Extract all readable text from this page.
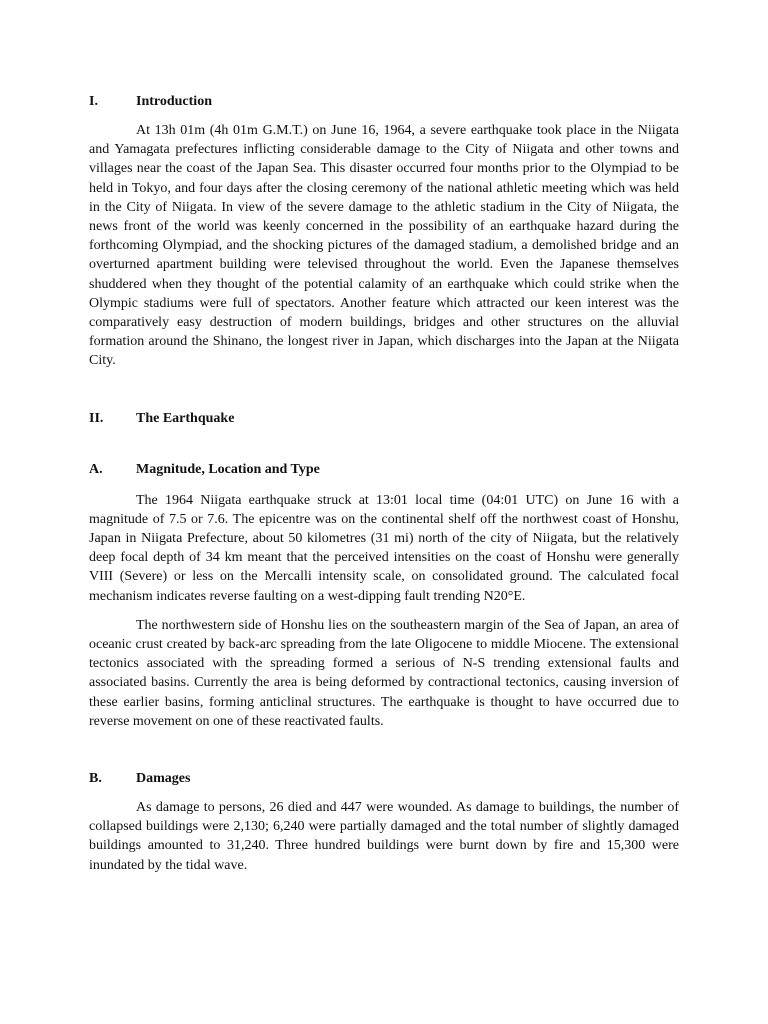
I.	Introduction

At 13h 01m (4h 01m G.M.T.) on June 16, 1964, a severe earthquake took place in the Niigata and Yamagata prefectures inflicting considerable damage to the City of Niigata and other towns and villages near the coast of the Japan Sea. This disaster occurred four months prior to the Olympiad to be held in Tokyo, and four days after the closing ceremony of the national athletic meeting which was held in the City of Niigata. In view of the severe damage to the athletic stadium in the City of Niigata, the news front of the world was keenly concerned in the possibility of an earthquake hazard during the forthcoming Olympiad, and the shocking pictures of the damaged stadium, a demolished bridge and an overturned apartment building were televised throughout the world. Even the Japanese themselves shuddered when they thought of the potential calamity of an earthquake which could strike when the Olympic stadiums were full of spectators. Another feature which attracted our keen interest was the comparatively easy destruction of modern buildings, bridges and other structures on the alluvial formation around the Shinano, the longest river in Japan, which discharges into the Japan at the Niigata City.

II.	The Earthquake
A.	Magnitude, Location and Type

The 1964 Niigata earthquake struck at 13:01 local time (04:01 UTC) on June 16 with a magnitude of 7.5 or 7.6. The epicentre was on the continental shelf off the northwest coast of Honshu, Japan in Niigata Prefecture, about 50 kilometres (31 mi) north of the city of Niigata, but the relatively deep focal depth of 34 km meant that the perceived intensities on the coast of Honshu were generally VIII (Severe) or less on the Mercalli intensity scale, on consolidated ground. The calculated focal mechanism indicates reverse faulting on a west-dipping fault trending N20°E.

The northwestern side of Honshu lies on the southeastern margin of the Sea of Japan, an area of oceanic crust created by back-arc spreading from the late Oligocene to middle Miocene. The extensional tectonics associated with the spreading formed a serious of N-S trending extensional faults and associated basins. Currently the area is being deformed by contractional tectonics, causing inversion of these earlier basins, forming anticlinal structures. The earthquake is thought to have occurred due to reverse movement on one of these reactivated faults.

B.	Damages

As damage to persons, 26 died and 447 were wounded. As damage to buildings, the number of collapsed buildings were 2,130; 6,240 were partially damaged and the total number of slightly damaged buildings amounted to 31,240. Three hundred buildings were burnt down by fire and 15,300 were inundated by the tidal wave.
